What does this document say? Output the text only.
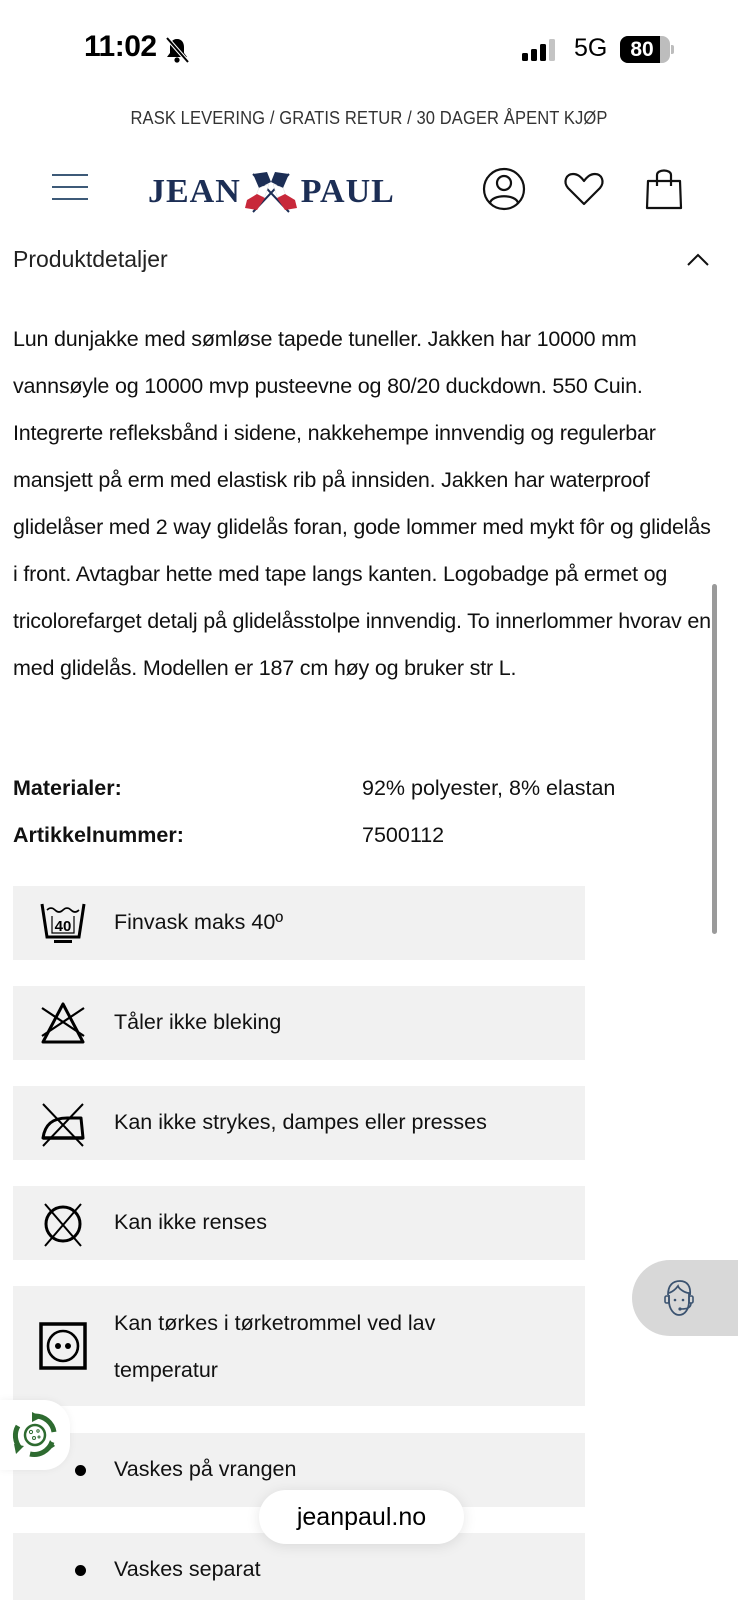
11:02	5G	80
RASK LEVERING / GRATIS RETUR / 30 DAGER ÅPENT KJØP
JEAN PAUL
Produktdetaljer

Lun dunjakke med sømløse tapede tuneller. Jakken har 10000 mm vannsøyle og 10000 mvp pusteevne og 80/20 duckdown. 550 Cuin. Integrerte refleksbånd i sidene, nakkehempe innvendig og regulerbar mansjett på erm med elastisk rib på innsiden. Jakken har waterproof glidelåser med 2 way glidelås foran, gode lommer med mykt fôr og glidelås i front. Avtagbar hette med tape langs kanten. Logobadge på ermet og tricolorefarget detalj på glidelåsstolpe innvendig. To innerlommer hvorav en med glidelås. Modellen er 187 cm høy og bruker str L.

Materialer:	92% polyester, 8% elastan
Artikkelnummer:	7500112
40 Finvask maks 40º
Tåler ikke bleking
Kan ikke strykes, dampes eller presses
Kan ikke renses
Kan tørkes i tørketrommel ved lav
temperatur
Vaskes på vrangen
Vaskes separat
jeanpaul.no
